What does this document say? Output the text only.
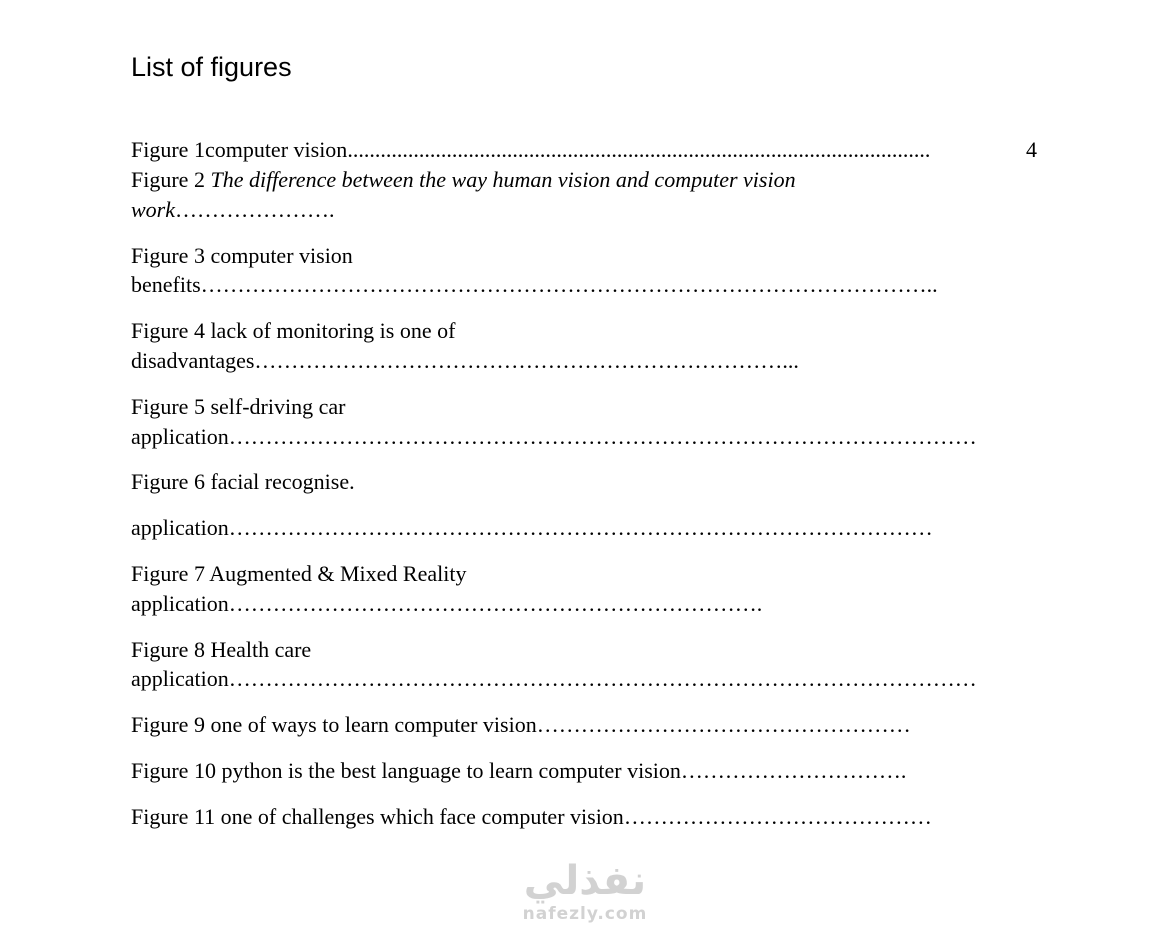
List of figures
Figure 1computer vision..........................................................................................................	4
Figure 2 The difference between the way human vision and computer vision
work………………….
Figure 3 computer vision
benefits………………………………………………………………………………………..
Figure 4 lack of monitoring is one of
disadvantages………………………………………………………………...
Figure 5 self-driving car
application…………………………………………………………………………………………
Figure 6 facial recognise.
application……………………………………………………………………………………
Figure 7 Augmented & Mixed Reality
application……………………………………………………………….
Figure 8 Health care
application…………………………………………………………………………………………
Figure 9 one of ways to learn computer vision……………………………………………
Figure 10 python is the best language to learn computer vision………………………….
Figure 11 one of challenges which face computer vision……………………………………
نفذلي
nafezly.com
